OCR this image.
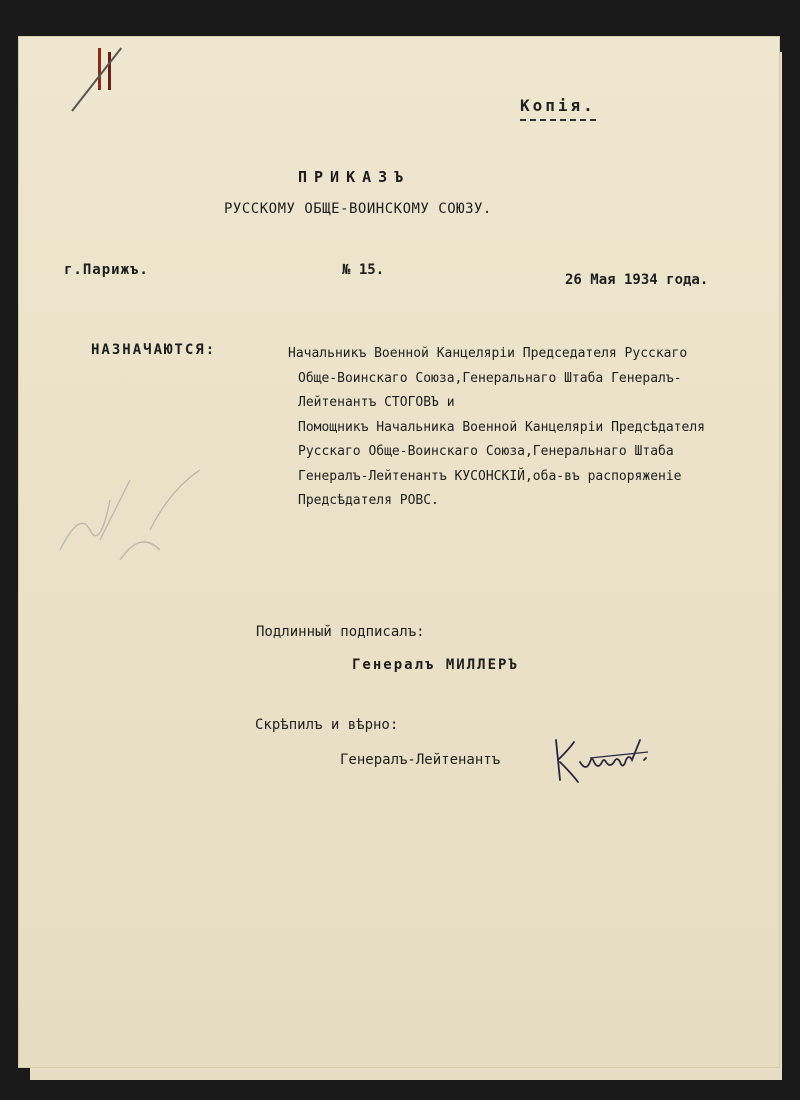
Копія.
ПРИКАЗЪ
РУССКОМУ ОБЩЕ-ВОИНСКОМУ СОЮЗУ.
г.Парижъ.	№ 15.
26 Мая 1934 года.
НАЗНАЧАЮТСЯ:	Начальникъ Военной Канцеляріи Председателя Русскаго
Обще-Воинскаго Союза,Генеральнаго Штаба Генералъ-
Лейтенантъ СТОГОВЪ и
Помощникъ Начальника Военной Канцеляріи Предсѣдателя
Русскаго Обще-Воинскаго Союза,Генеральнаго Штаба
Генералъ-Лейтенантъ КУСОНСКІЙ,оба-въ распоряженіе
Предсѣдателя РОВС.
Подлинный подписалъ:
Генералъ МИЛЛЕРЪ
Скрѣпилъ и вѣрно:
Генералъ-Лейтенантъ
